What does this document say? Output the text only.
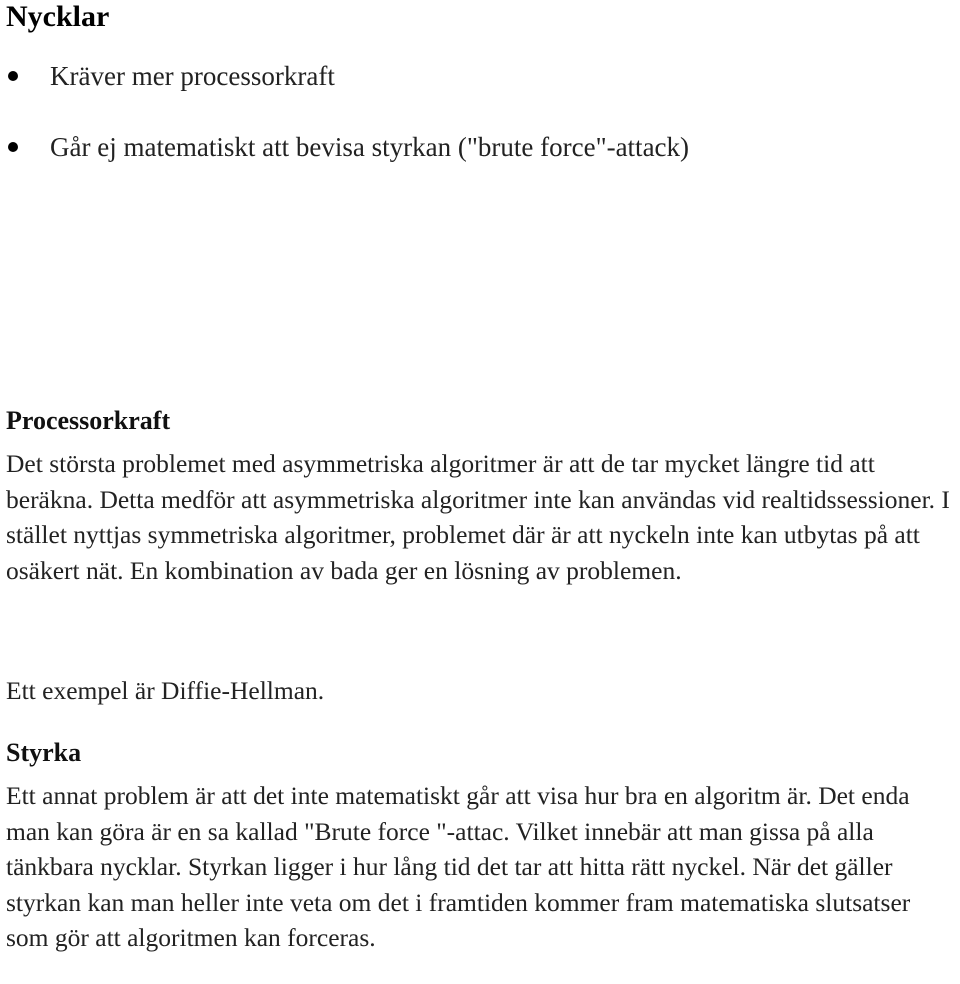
Nycklar
Kräver mer processorkraft
Går ej matematiskt att bevisa styrkan ("brute force"-attack)
Processorkraft

Det största problemet med asymmetriska algoritmer är att de tar mycket längre tid att beräkna. Detta medför att asymmetriska algoritmer inte kan användas vid realtidssessioner. I stället nyttjas symmetriska algoritmer, problemet där är att nyckeln inte kan utbytas på att osäkert nät. En kombination av bada ger en lösning av problemen.

Ett exempel är Diffie-Hellman.

Styrka

Ett annat problem är att det inte matematiskt går att visa hur bra en algoritm är. Det enda man kan göra är en sa kallad "Brute force "-attac. Vilket innebär att man gissa på alla tänkbara nycklar. Styrkan ligger i hur lång tid det tar att hitta rätt nyckel. När det gäller styrkan kan man heller inte veta om det i framtiden kommer fram matematiska slutsatser som gör att algoritmen kan forceras.
